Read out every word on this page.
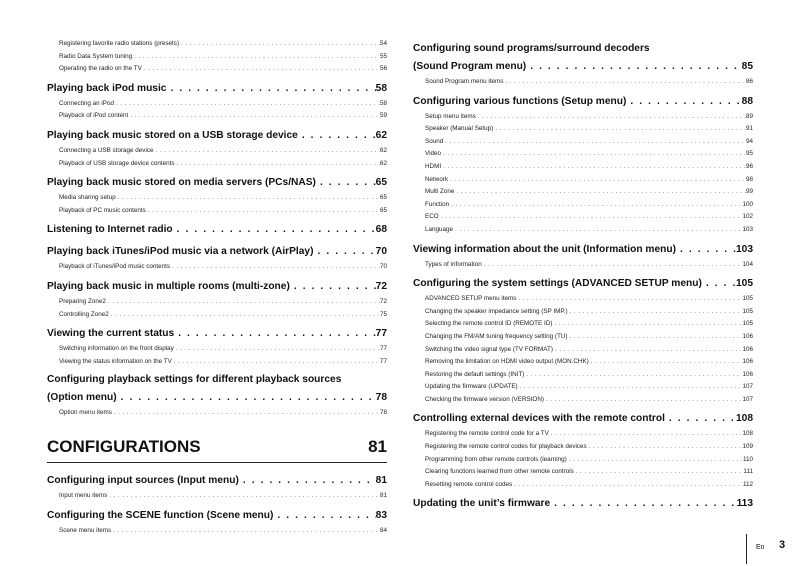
Registering favorite radio stations (presets) . . .	54
Radio Data System tuning . . .	55
Operating the radio on the TV . . .	56
Playing back iPod music . . .	58
Connecting an iPod . . .	58
Playback of iPod content . . .	59
Playing back music stored on a USB storage device . . .	62
Connecting a USB storage device . . .	62
Playback of USB storage device contents . . .	62
Playing back music stored on media servers (PCs/NAS) . . .	65
Media sharing setup . . .	65
Playback of PC music contents . . .	65
Listening to Internet radio . . .	68
Playing back iTunes/iPod music via a network (AirPlay) . . .	70
Playback of iTunes/iPod music contents . . .	70
Playing back music in multiple rooms (multi-zone) . . .	72
Preparing Zone2 . . .	72
Controlling Zone2 . . .	75
Viewing the current status . . .	77
Switching information on the front display . . .	77
Viewing the status information on the TV . . .	77
Configuring playback settings for different playback sources
(Option menu) . . .	78
Option menu items . . .	78
CONFIGURATIONS	81
Configuring input sources (Input menu) . . .	81
Input menu items . . .	81
Configuring the SCENE function (Scene menu) . . .	83
Scene menu items . . .	84
Configuring sound programs/surround decoders
(Sound Program menu) . . .	85
Sound Program menu items . . .	86
Configuring various functions (Setup menu) . . .	88
Setup menu items . . .	89
Speaker (Manual Setup) . . .	91
Sound . . .	94
Video . . .	95
HDMI . . .	96
Network . . .	98
Multi Zone . . .	99
Function . . .	100
ECO . . .	102
Language . . .	103
Viewing information about the unit (Information menu) . . .	103
Types of information . . .	104
Configuring the system settings (ADVANCED SETUP menu) . . .	105
ADVANCED SETUP menu items . . .	105
Changing the speaker impedance setting (SP IMP.) . . .	105
Selecting the remote control ID (REMOTE ID) . . .	105
Changing the FM/AM tuning frequency setting (TU) . . .	106
Switching the video signal type (TV FORMAT) . . .	106
Removing the limitation on HDMI video output (MON.CHK) . . .	106
Restoring the default settings (INIT) . . .	106
Updating the firmware (UPDATE) . . .	107
Checking the firmware version (VERSION) . . .	107
Controlling external devices with the remote control . . .	108
Registering the remote control code for a TV . . .	108
Registering the remote control codes for playback devices . . .	109
Programming from other remote controls (learning) . . .	110
Clearing functions learned from other remote controls . . .	111
Resetting remote control codes . . .	112
Updating the unit’s firmware . . .	113
En 3
